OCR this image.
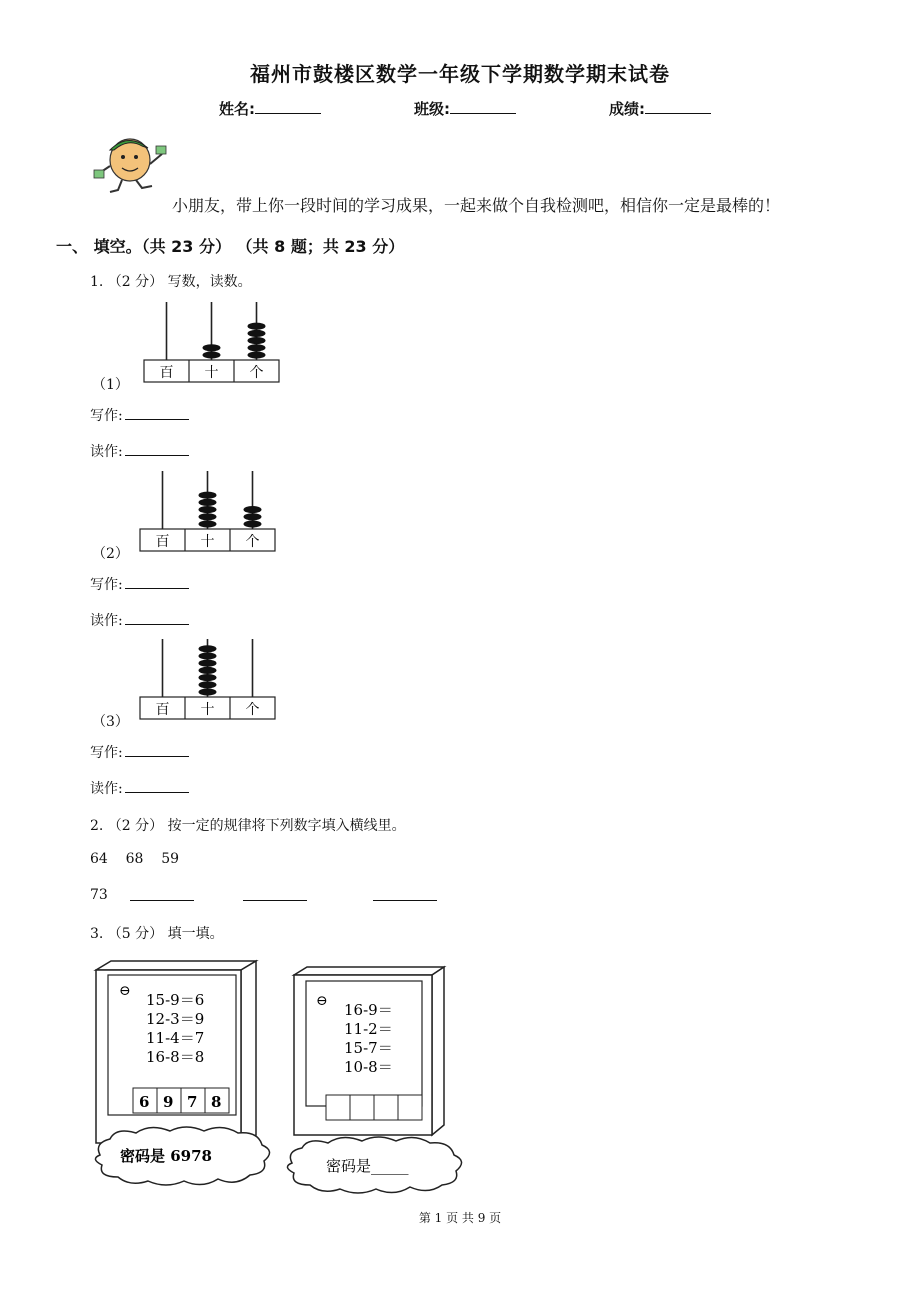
福州市鼓楼区数学一年级下学期数学期末试卷
姓名:	班级:	成绩:
小朋友，带上你一段时间的学习成果，一起来做个自我检测吧，相信你一定是最棒的！
一、 填空。（共 23 分） （共 8 题；共 23 分）
1. （2 分） 写数，读数。
百 十 个
（1）
写作:
读作:
百 十 个
（2）
写作:
读作:
百 十 个
（3）
写作:
读作:
2. （2 分） 按一定的规律将下列数字填入横线里。
64    68    59
73
3. （5 分） 填一填。
⊖ 15-9＝6
12-3＝9
11-4＝7
16-8＝8
6 9 7 8
密码是 6978
⊖ 16-9＝
11-2＝
15-7＝
10-8＝
密码是_____
第 1 页 共 9 页
